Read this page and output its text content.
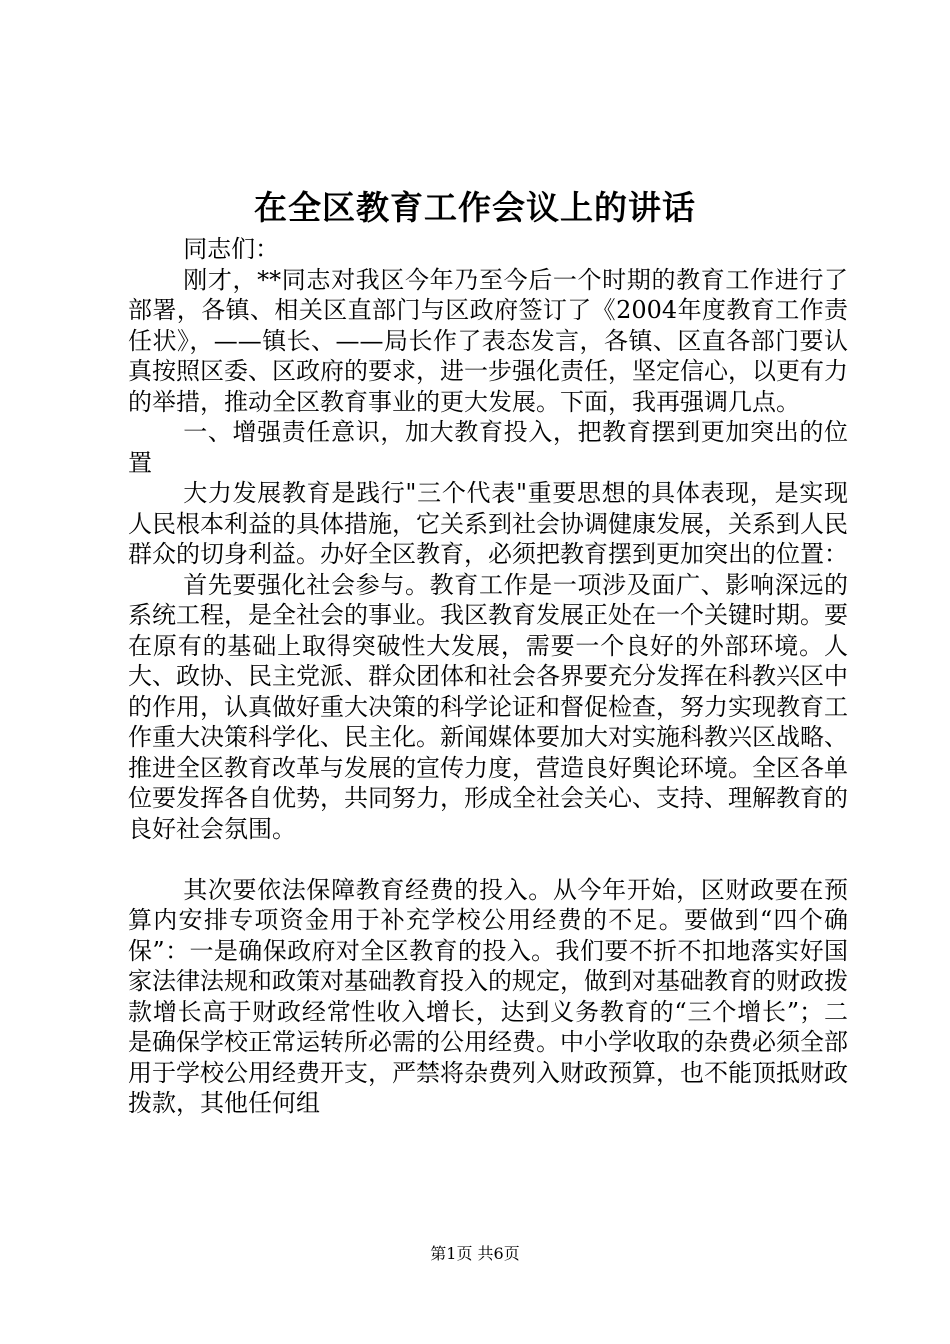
在全区教育工作会议上的讲话

同志们：

刚才，**同志对我区今年乃至今后一个时期的教育工作进行了部署，各镇、相关区直部门与区政府签订了《2004年度教育工作责任状》，——镇长、——局长作了表态发言，各镇、区直各部门要认真按照区委、区政府的要求，进一步强化责任，坚定信心，以更有力的举措，推动全区教育事业的更大发展。下面，我再强调几点。

一、增强责任意识，加大教育投入，把教育摆到更加突出的位置

大力发展教育是践行"三个代表"重要思想的具体表现，是实现人民根本利益的具体措施，它关系到社会协调健康发展，关系到人民群众的切身利益。办好全区教育，必须把教育摆到更加突出的位置：

首先要强化社会参与。教育工作是一项涉及面广、影响深远的系统工程，是全社会的事业。我区教育发展正处在一个关键时期。要在原有的基础上取得突破性大发展，需要一个良好的外部环境。人大、政协、民主党派、群众团体和社会各界要充分发挥在科教兴区中的作用，认真做好重大决策的科学论证和督促检查，努力实现教育工作重大决策科学化、民主化。新闻媒体要加大对实施科教兴区战略、推进全区教育改革与发展的宣传力度，营造良好舆论环境。全区各单位要发挥各自优势，共同努力，形成全社会关心、支持、理解教育的良好社会氛围。

其次要依法保障教育经费的投入。从今年开始，区财政要在预算内安排专项资金用于补充学校公用经费的不足。要做到“四个确保”：一是确保政府对全区教育的投入。我们要不折不扣地落实好国家法律法规和政策对基础教育投入的规定，做到对基础教育的财政拨款增长高于财政经常性收入增长，达到义务教育的“三个增长”；二是确保学校正常运转所必需的公用经费。中小学收取的杂费必须全部用于学校公用经费开支，严禁将杂费列入财政预算，也不能顶抵财政拨款，其他任何组

第1页 共6页
